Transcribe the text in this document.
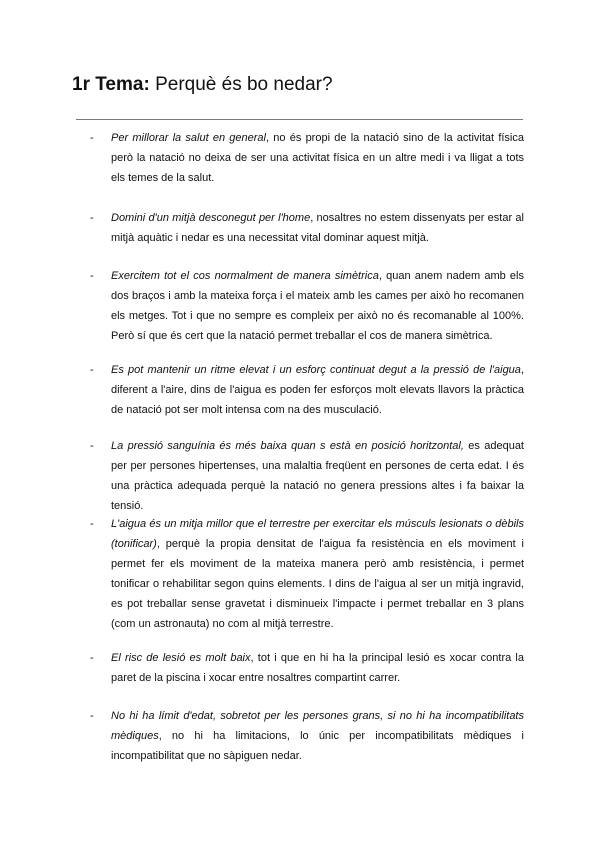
1r Tema: Perquè és bo nedar?
- Per millorar la salut en general, no és propi de la natació sino de la activitat física però la natació no deixa de ser una activitat física en un altre medi i va lligat a tots els temes de la salut.

- Domini d'un mitjà desconegut per l'home, nosaltres no estem dissenyats per estar al mitjà aquàtic i nedar es una necessitat vital dominar aquest mitjà.

- Exercitem tot el cos normalment de manera simètrica, quan anem nadem amb els dos braços i amb la mateixa força i el mateix amb les cames per això ho recomanen els metges. Tot i que no sempre es compleix per això no és recomanable al 100%. Però sí que és cert que la natació permet treballar el cos de manera simètrica.

- Es pot mantenir un ritme elevat i un esforç continuat degut a la pressió de l'aigua, diferent a l'aire, dins de l'aigua es poden fer esforços molt elevats llavors la pràctica de natació pot ser molt intensa com na des musculació.

- La pressió sanguínia és més baixa quan s està en posició horitzontal, es adequat per per persones hipertenses, una malaltia freqüent en persones de certa edat. I és una pràctica adequada perquè la natació no genera pressions altes i fa baixar la tensió.

- L'aigua és un mitja millor que el terrestre per exercitar els músculs lesionats o dèbils (tonificar), perquè la propia densitat de l'aigua fa resistència en els moviment i permet fer els moviment de la mateixa manera però amb resistència, i permet tonificar o rehabilitar segon quins elements. I dins de l'aigua al ser un mitjà ingravid, es pot treballar sense gravetat i disminueix l'impacte i permet treballar en 3 plans (com un astronauta) no com al mitjà terrestre.

- El risc de lesió es molt baix, tot i que en hi ha la principal lesió es xocar contra la paret de la piscina i xocar entre nosaltres compartint carrer.

- No hi ha límit d'edat, sobretot per les persones grans, si no hi ha incompatibilitats mèdiques, no hi ha limitacions, lo únic per incompatibilitats mèdiques i incompatibilitat que no sàpiguen nedar.
